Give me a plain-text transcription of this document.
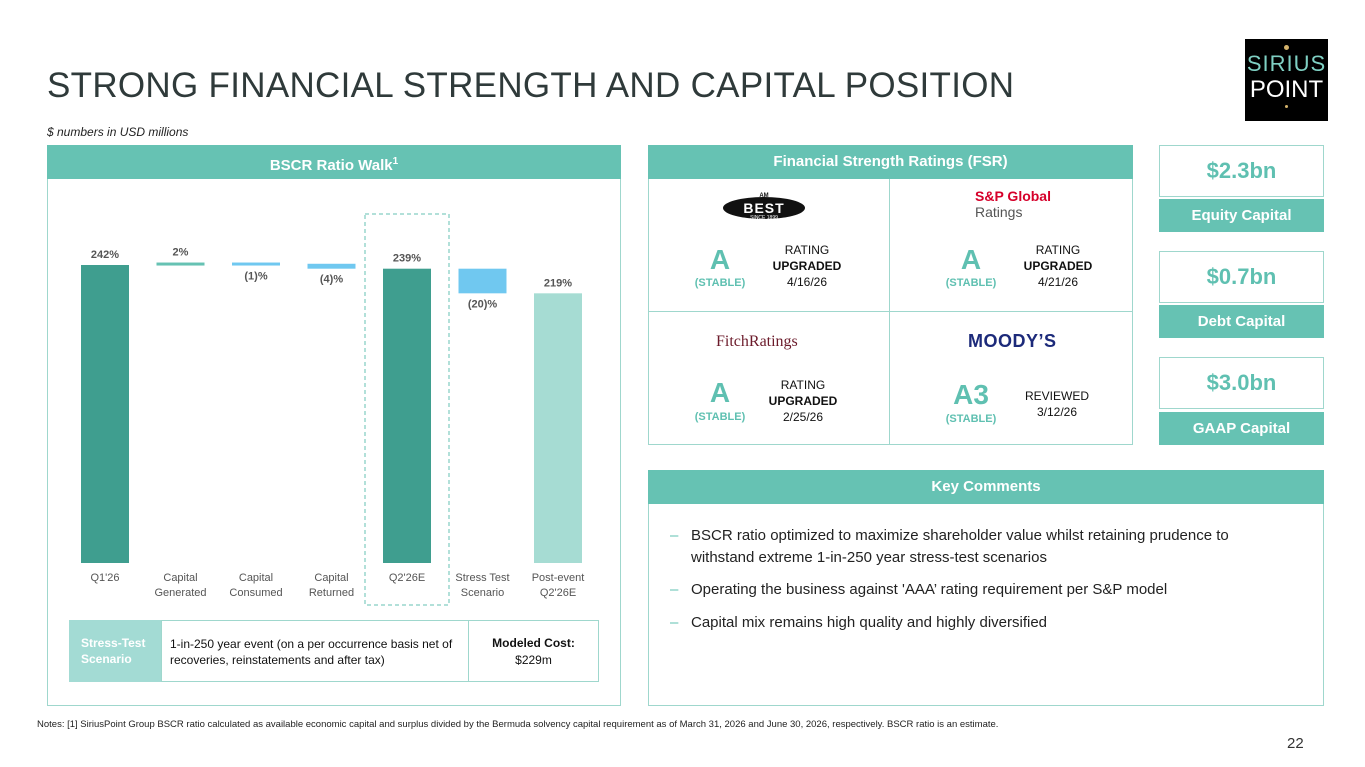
STRONG FINANCIAL STRENGTH AND CAPITAL POSITION
$ numbers in USD millions
SIRIUS
POINT
BSCR Ratio Walk$^1$
242%
Q1'26
2%
Capital
Generated
(1)%
Capital
Consumed
(4)%
Capital
Returned
239%
Q2'26E
(20)%
Stress Test
Scenario
219%
Post-event
Q2'26E
Stress-Test Scenario
1-in-250 year event (on a per occurrence basis net of recoveries, reinstatements and after tax)
Modeled Cost:
$229m
Financial Strength Ratings (FSR)
AM
BEST
SINCE 1899
A
(STABLE)
RATING
UPGRADED
4/16/26
S&P Global
Ratings
A
(STABLE)
RATING
UPGRADED
4/21/26
FitchRatings
A
(STABLE)
RATING
UPGRADED
2/25/26
MOODY’S
A3
(STABLE)
REVIEWED
3/12/26
$2.3bn
Equity Capital
$0.7bn
Debt Capital
$3.0bn
GAAP Capital
Key Comments
– BSCR ratio optimized to maximize shareholder value whilst retaining prudence to withstand extreme 1-in-250 year stress-test scenarios
– Operating the business against 'AAA’ rating requirement per S&P model
– Capital mix remains high quality and highly diversified
Notes: [1] SiriusPoint Group BSCR ratio calculated as available economic capital and surplus divided by the Bermuda solvency capital requirement as of March 31, 2026 and June 30, 2026, respectively. BSCR ratio is an estimate.
22
